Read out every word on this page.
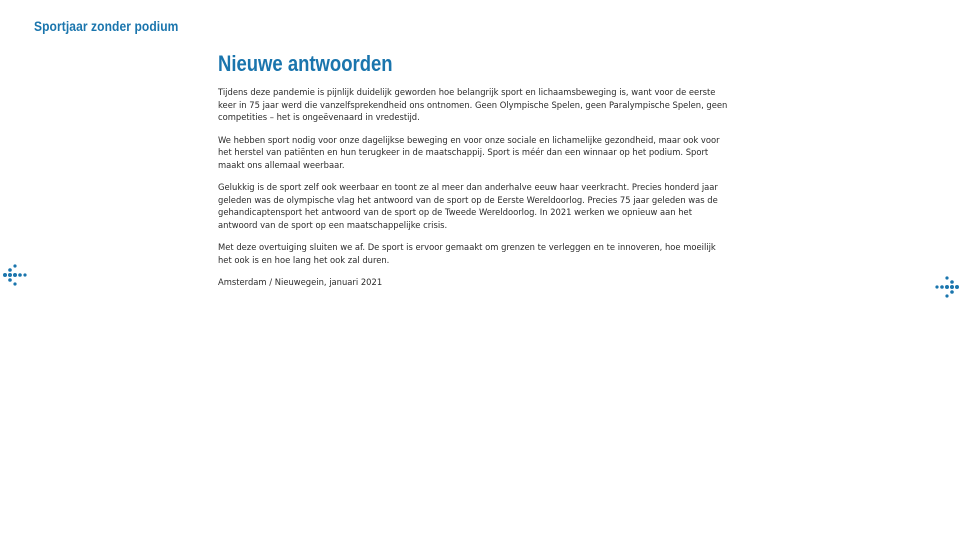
Sportjaar zonder podium
Nieuwe antwoorden

Tijdens deze pandemie is pijnlijk duidelijk geworden hoe belangrijk sport en lichaamsbeweging is, want voor de eerste keer in 75 jaar werd die vanzelfsprekendheid ons ontnomen. Geen Olympische Spelen, geen Paralympische Spelen, geen competities – het is ongeëvenaard in vredestijd.

We hebben sport nodig voor onze dagelijkse beweging en voor onze sociale en lichamelijke gezondheid, maar ook voor het herstel van patiënten en hun terugkeer in de maatschappij. Sport is méér dan een winnaar op het podium. Sport maakt ons allemaal weerbaar.

Gelukkig is de sport zelf ook weerbaar en toont ze al meer dan anderhalve eeuw haar veerkracht. Precies honderd jaar geleden was de olympische vlag het antwoord van de sport op de Eerste Wereldoorlog. Precies 75 jaar geleden was de gehandicaptensport het antwoord van de sport op de Tweede Wereldoorlog. In 2021 werken we opnieuw aan het antwoord van de sport op een maatschappelijke crisis.

Met deze overtuiging sluiten we af. De sport is ervoor gemaakt om grenzen te verleggen en te innoveren, hoe moeilijk het ook is en hoe lang het ook zal duren.

Amsterdam / Nieuwegein, januari 2021
